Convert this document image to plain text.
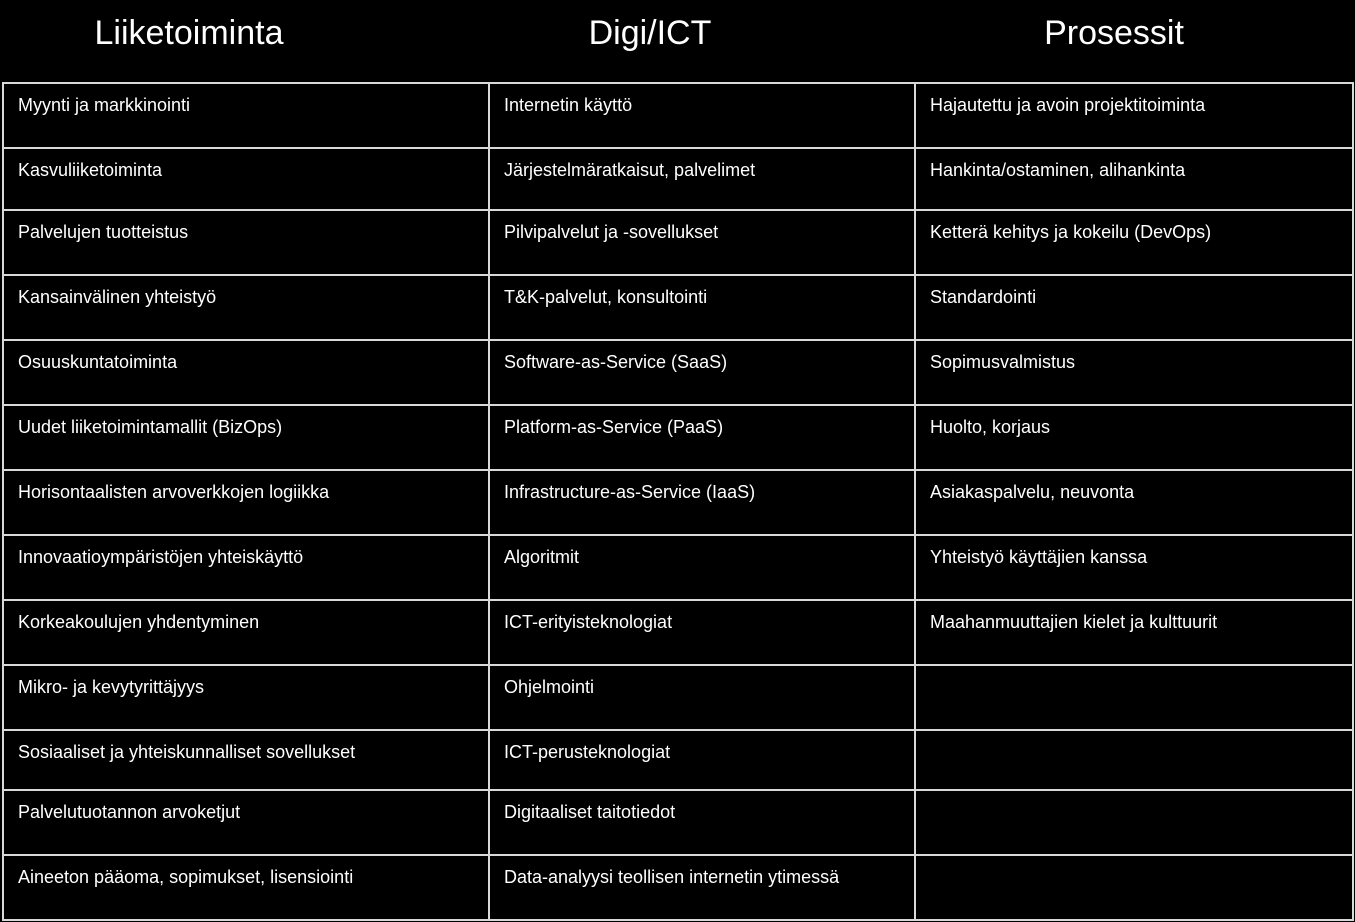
Liiketoiminta	Digi/ICT	Prosessit
Myynti ja markkinointi	Internetin käyttö	Hajautettu ja avoin projektitoiminta
Kasvuliiketoiminta	Järjestelmäratkaisut, palvelimet	Hankinta/ostaminen, alihankinta
Palvelujen tuotteistus	Pilvipalvelut ja -sovellukset	Ketterä kehitys ja kokeilu (DevOps)
Kansainvälinen yhteistyö	T&K-palvelut, konsultointi	Standardointi
Osuuskuntatoiminta	Software-as-Service (SaaS)	Sopimusvalmistus
Uudet liiketoimintamallit (BizOps)	Platform-as-Service (PaaS)	Huolto, korjaus
Horisontaalisten arvoverkkojen logiikka	Infrastructure-as-Service (IaaS)	Asiakaspalvelu, neuvonta
Innovaatioympäristöjen yhteiskäyttö	Algoritmit	Yhteistyö käyttäjien kanssa
Korkeakoulujen yhdentyminen	ICT-erityisteknologiat	Maahanmuuttajien kielet ja kulttuurit
Mikro- ja kevytyrittäjyys	Ohjelmointi	
Sosiaaliset ja yhteiskunnalliset sovellukset	ICT-perusteknologiat	
Palvelutuotannon arvoketjut	Digitaaliset taitotiedot	
Aineeton pääoma, sopimukset, lisensiointi	Data-analyysi teollisen internetin ytimessä	
